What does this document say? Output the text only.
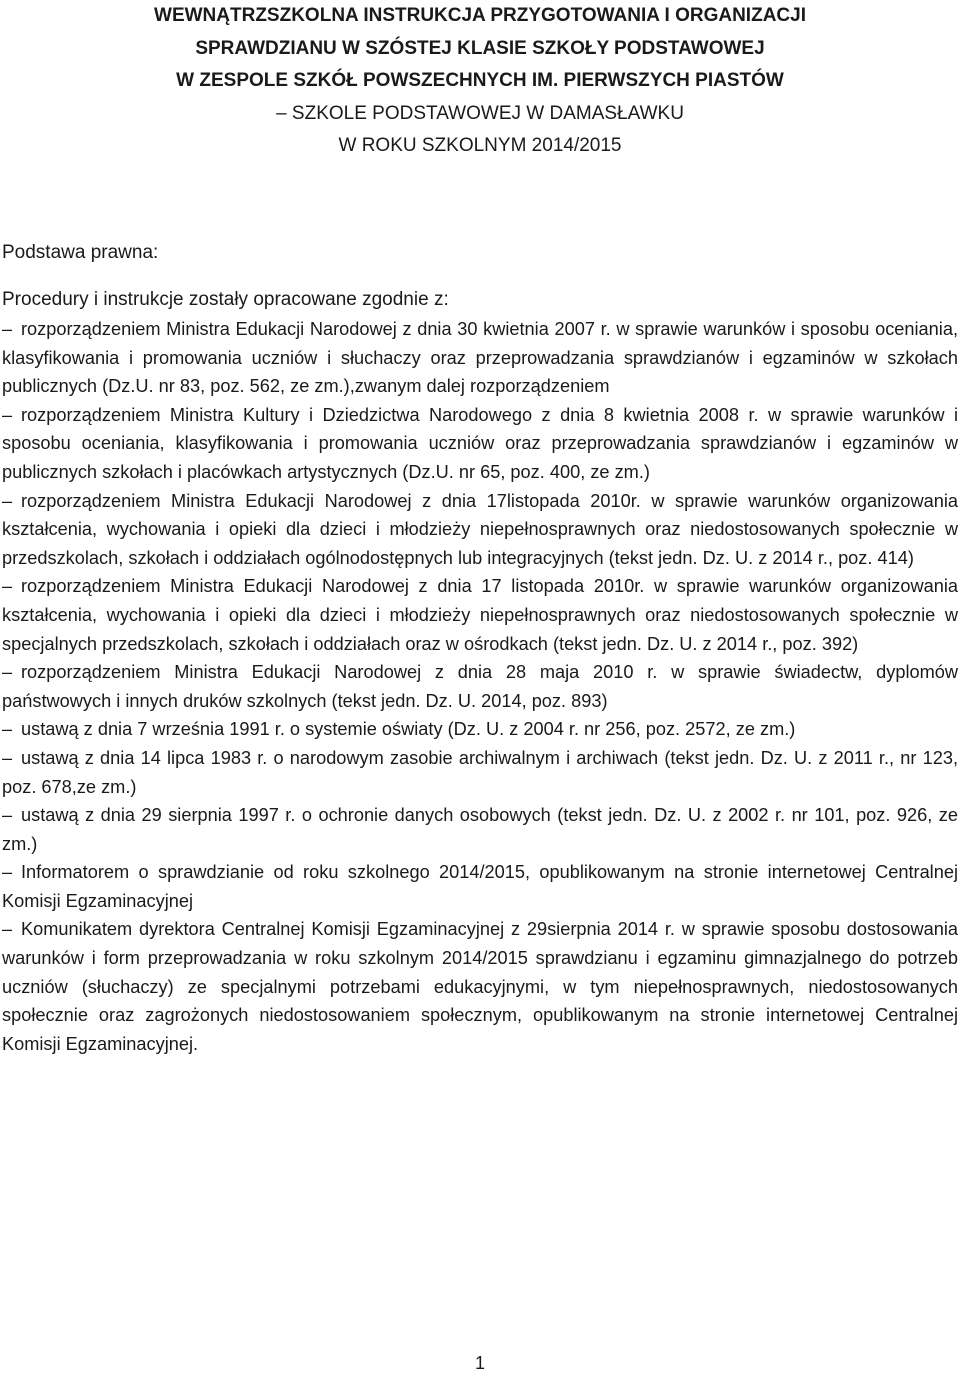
WEWNĄTRZSZKOLNA INSTRUKCJA PRZYGOTOWANIA I ORGANIZACJI
SPRAWDZIANU W SZÓSTEJ KLASIE SZKOŁY PODSTAWOWEJ
W ZESPOLE SZKÓŁ POWSZECHNYCH IM. PIERWSZYCH PIASTÓW
– SZKOLE PODSTAWOWEJ W DAMASŁAWKU
W ROKU SZKOLNYM 2014/2015
Podstawa prawna:

Procedury i instrukcje zostały opracowane zgodnie z:

– rozporządzeniem Ministra Edukacji Narodowej z dnia 30 kwietnia 2007 r. w sprawie warunków i sposobu oceniania, klasyfikowania i promowania uczniów i słuchaczy oraz przeprowadzania sprawdzianów i egzaminów w szkołach publicznych (Dz.U. nr 83, poz. 562, ze zm.),zwanym dalej rozporządzeniem
– rozporządzeniem Ministra Kultury i Dziedzictwa Narodowego z dnia 8 kwietnia 2008 r. w sprawie warunków i sposobu oceniania, klasyfikowania i promowania uczniów oraz przeprowadzania sprawdzianów i egzaminów w publicznych szkołach i placówkach artystycznych (Dz.U. nr 65, poz. 400, ze zm.)
– rozporządzeniem Ministra Edukacji Narodowej z dnia 17listopada 2010r. w sprawie warunków organizowania kształcenia, wychowania i opieki dla dzieci i młodzieży niepełnosprawnych oraz niedostosowanych społecznie w przedszkolach, szkołach i oddziałach ogólnodostępnych lub integracyjnych (tekst jedn. Dz. U. z 2014 r., poz. 414)
– rozporządzeniem Ministra Edukacji Narodowej z dnia 17 listopada 2010r. w sprawie warunków organizowania kształcenia, wychowania i opieki dla dzieci i młodzieży niepełnosprawnych oraz niedostosowanych społecznie w specjalnych przedszkolach, szkołach i oddziałach oraz w ośrodkach (tekst jedn. Dz. U. z 2014 r., poz. 392)
– rozporządzeniem Ministra Edukacji Narodowej z dnia 28 maja 2010 r. w sprawie świadectw, dyplomów państwowych i innych druków szkolnych (tekst jedn. Dz. U. 2014, poz. 893)
– ustawą z dnia 7 września 1991 r. o systemie oświaty (Dz. U. z 2004 r. nr 256, poz. 2572, ze zm.)
– ustawą z dnia 14 lipca 1983 r. o narodowym zasobie archiwalnym i archiwach (tekst jedn. Dz. U. z 2011 r., nr 123, poz. 678,ze zm.)
– ustawą z dnia 29 sierpnia 1997 r. o ochronie danych osobowych (tekst jedn. Dz. U. z 2002 r. nr 101, poz. 926, ze zm.)
– Informatorem o sprawdzianie od roku szkolnego 2014/2015, opublikowanym na stronie internetowej Centralnej Komisji Egzaminacyjnej
– Komunikatem dyrektora Centralnej Komisji Egzaminacyjnej z 29sierpnia 2014 r. w sprawie sposobu dostosowania warunków i form przeprowadzania w roku szkolnym 2014/2015 sprawdzianu i egzaminu gimnazjalnego do potrzeb uczniów (słuchaczy) ze specjalnymi potrzebami edukacyjnymi, w tym niepełnosprawnych, niedostosowanych społecznie oraz zagrożonych niedostosowaniem społecznym, opublikowanym na stronie internetowej Centralnej Komisji Egzaminacyjnej.
1
